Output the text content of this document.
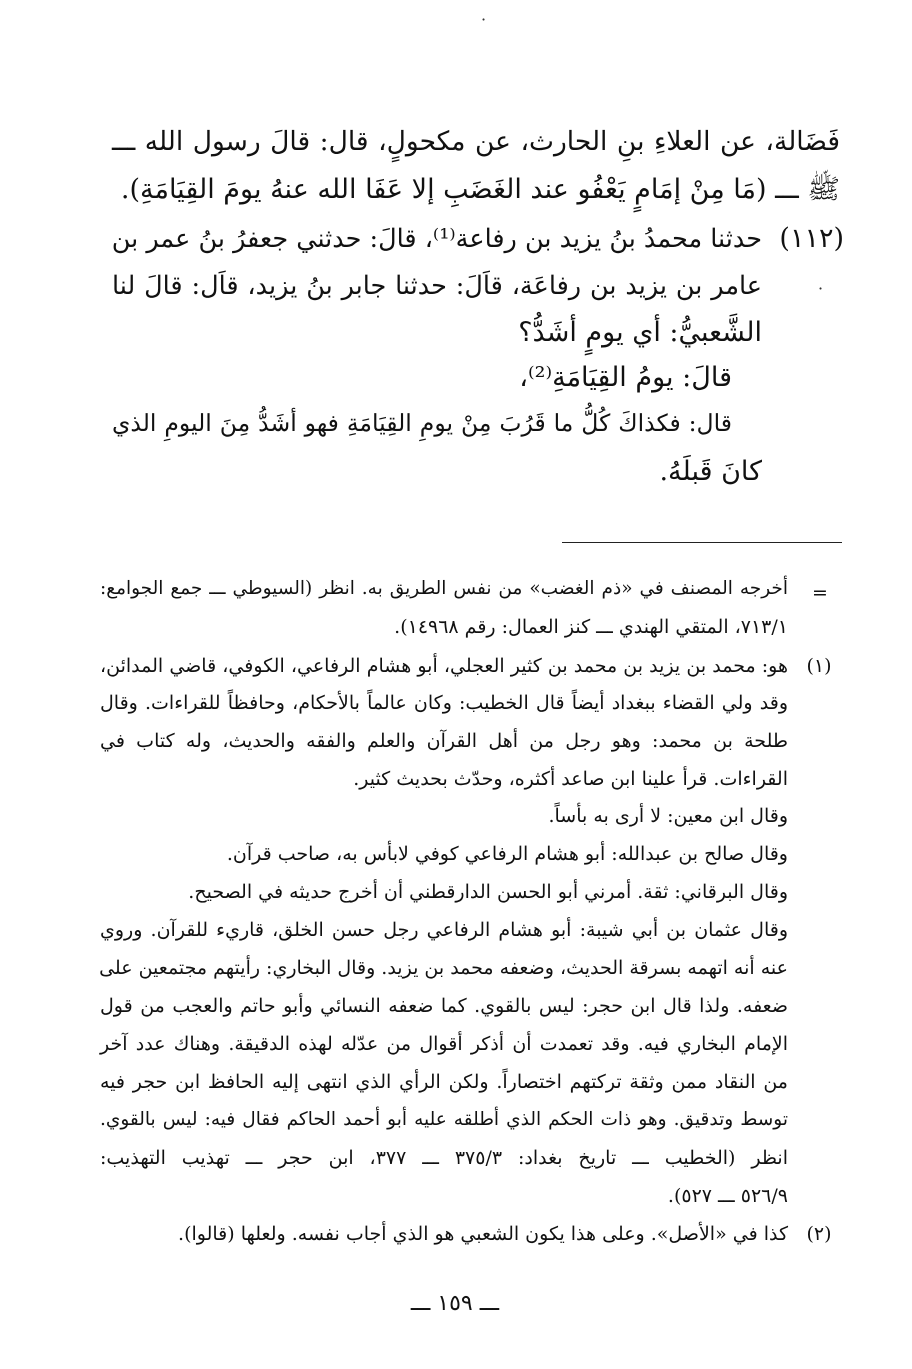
·
·
فَضَالة، عن العلاءِ بنِ الحارث، عن مكحولٍ، قال: قالَ رسول الله ـــ
ﷺ ـــ (مَا مِنْ إمَامٍ يَعْفُو عند الغَضَبِ إلا عَفَا الله عنهُ يومَ القِيَامَةِ).
(١١٢)
حدثنا محمدُ بنُ يزيد بن رفاعة⁽¹⁾، قالَ: حدثني جعفرُ بنُ عمر بن
عامر بن يزيد بن رفاعَة، قاَلَ: حدثنا جابر بنُ يزيد، قاَل: قالَ لنا
الشَّعبيُّ: أي يومٍ أشَدُّ؟
قالَ: يومُ القِيَامَةِ⁽²⁾،
قال: فكذاكَ كُلُّ ما قَرُبَ مِنْ يومِ القِيَامَةِ فهو أشَدُّ مِنَ اليومِ الذي
كانَ قَبلَهُ.
=
أخرجه المصنف في «ذم الغضب» من نفس الطريق به. انظر (السيوطي ـــ جمع الجوامع:
٧١٣/١، المتقي الهندي ـــ كنز العمال: رقم ١٤٩٦٨).
(١)
هو: محمد بن يزيد بن محمد بن كثير العجلي، أبو هشام الرفاعي، الكوفي، قاضي المدائن،
وقد ولي القضاء ببغداد أيضاً قال الخطيب: وكان عالماً بالأحكام، وحافظاً للقراءات. وقال
طلحة بن محمد: وهو رجل من أهل القرآن والعلم والفقه والحديث، وله كتاب في
القراءات. قرأ علينا ابن صاعد أكثره، وحدّث بحديث كثير.
وقال ابن معين: لا أرى به بأساً.
وقال صالح بن عبدالله: أبو هشام الرفاعي كوفي لابأس به، صاحب قرآن.
وقال البرقاني: ثقة. أمرني أبو الحسن الدارقطني أن أخرج حديثه في الصحيح.
وقال عثمان بن أبي شيبة: أبو هشام الرفاعي رجل حسن الخلق، قاريء للقرآن. وروي
عنه أنه اتهمه بسرقة الحديث، وضعفه محمد بن يزيد. وقال البخاري: رأيتهم مجتمعين على
ضعفه. ولذا قال ابن حجر: ليس بالقوي. كما ضعفه النسائي وأبو حاتم والعجب من قول
الإمام البخاري فيه. وقد تعمدت أن أذكر أقوال من عدّله لهذه الدقيقة. وهناك عدد آخر
من النقاد ممن وثقة تركتهم اختصاراً. ولكن الرأي الذي انتهى إليه الحافظ ابن حجر فيه
توسط وتدقيق. وهو ذات الحكم الذي أطلقه عليه أبو أحمد الحاكم فقال فيه: ليس بالقوي.
انظر (الخطيب ـــ تاريخ بغداد: ٣٧٥/٣ ـــ ٣٧٧، ابن حجر ـــ تهذيب التهذيب:
٥٢٦/٩ ـــ ٥٢٧).
(٢)
كذا في «الأصل». وعلى هذا يكون الشعبي هو الذي أجاب نفسه. ولعلها (قالوا).
ـــ ١٥٩ ـــ
